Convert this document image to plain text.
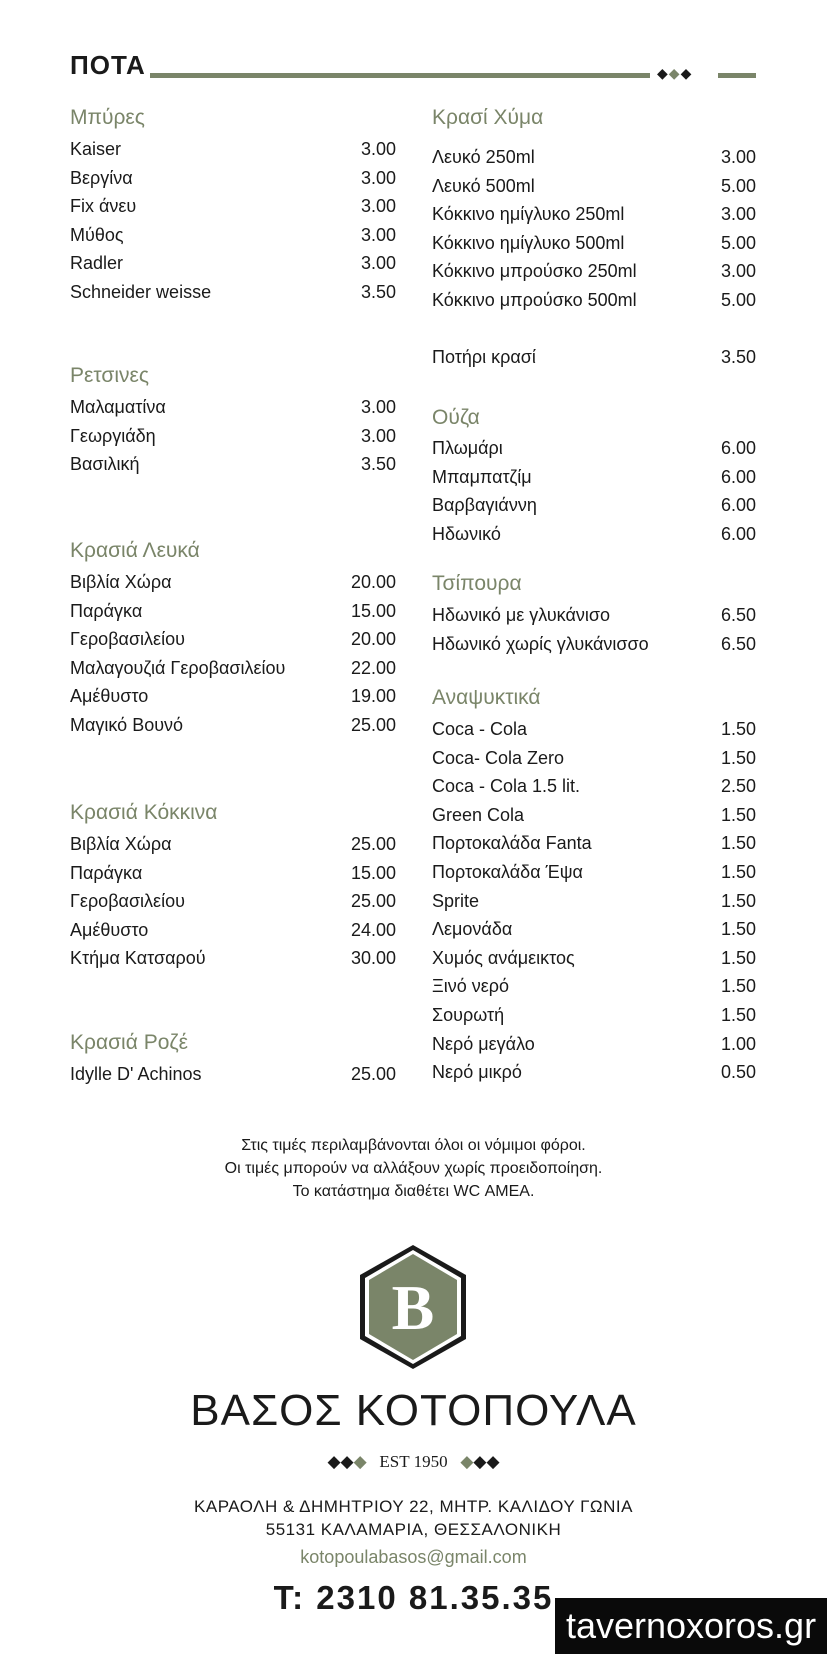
ΠΟΤΑ	◆◆◆
Μπύρες
Kaiser	3.00
Βεργίνα	3.00
Fix άνευ	3.00
Μύθος	3.00
Radler	3.00
Schneider weisse	3.50
Ρετσινες
Μαλαματίνα	3.00
Γεωργιάδη	3.00
Βασιλική	3.50
Κρασιά Λευκά
Βιβλία Χώρα	20.00
Παράγκα	15.00
Γεροβασιλείου	20.00
Μαλαγουζιά Γεροβασιλείου	22.00
Αμέθυστο	19.00
Μαγικό Βουνό	25.00
Κρασιά Κόκκινα
Βιβλία Χώρα	25.00
Παράγκα	15.00
Γεροβασιλείου	25.00
Αμέθυστο	24.00
Κτήμα Κατσαρού	30.00
Κρασιά Ροζέ
Idylle D' Achinos	25.00
Κρασί Χύμα
Λευκό 250ml	3.00
Λευκό 500ml	5.00
Κόκκινο ημίγλυκο 250ml	3.00
Κόκκινο ημίγλυκο 500ml	5.00
Κόκκινο μπρούσκο 250ml	3.00
Κόκκινο μπρούσκο 500ml	5.00
Ποτήρι κρασί	3.50
Ούζα
Πλωμάρι	6.00
Μπαμπατζίμ	6.00
Βαρβαγιάννη	6.00
Ηδωνικό	6.00
Τσίπουρα
Ηδωνικό με γλυκάνισο	6.50
Ηδωνικό χωρίς γλυκάνισσο	6.50
Αναψυκτικά
Coca - Cola	1.50
Coca- Cola Zero	1.50
Coca - Cola 1.5 lit.	2.50
Green Cola	1.50
Πορτοκαλάδα Fanta	1.50
Πορτοκαλάδα Έψα	1.50
Sprite	1.50
Λεμονάδα	1.50
Χυμός ανάμεικτος	1.50
Ξινό νερό	1.50
Σουρωτή	1.50
Νερό μεγάλο	1.00
Νερό μικρό	0.50
Στις τιμές περιλαμβάνονται όλοι οι νόμιμοι φόροι.
Οι τιμές μπορούν να αλλάξουν χωρίς προειδοποίηση.
Το κατάστημα διαθέτει WC ΑΜΕΑ.
B
ΒΑΣΟΣ ΚΟΤΟΠΟΥΛΑ
◆◆◆ EST 1950 ◆◆◆
ΚΑΡΑΟΛΗ & ΔΗΜΗΤΡΙΟΥ 22, ΜΗΤΡ. ΚΑΛΙΔΟΥ ΓΩΝΙΑ
55131 ΚΑΛΑΜΑΡΙΑ, ΘΕΣΣΑΛΟΝΙΚΗ
kotopoulabasos@gmail.com
T: 2310 81.35.35
tavernoxoros.gr
